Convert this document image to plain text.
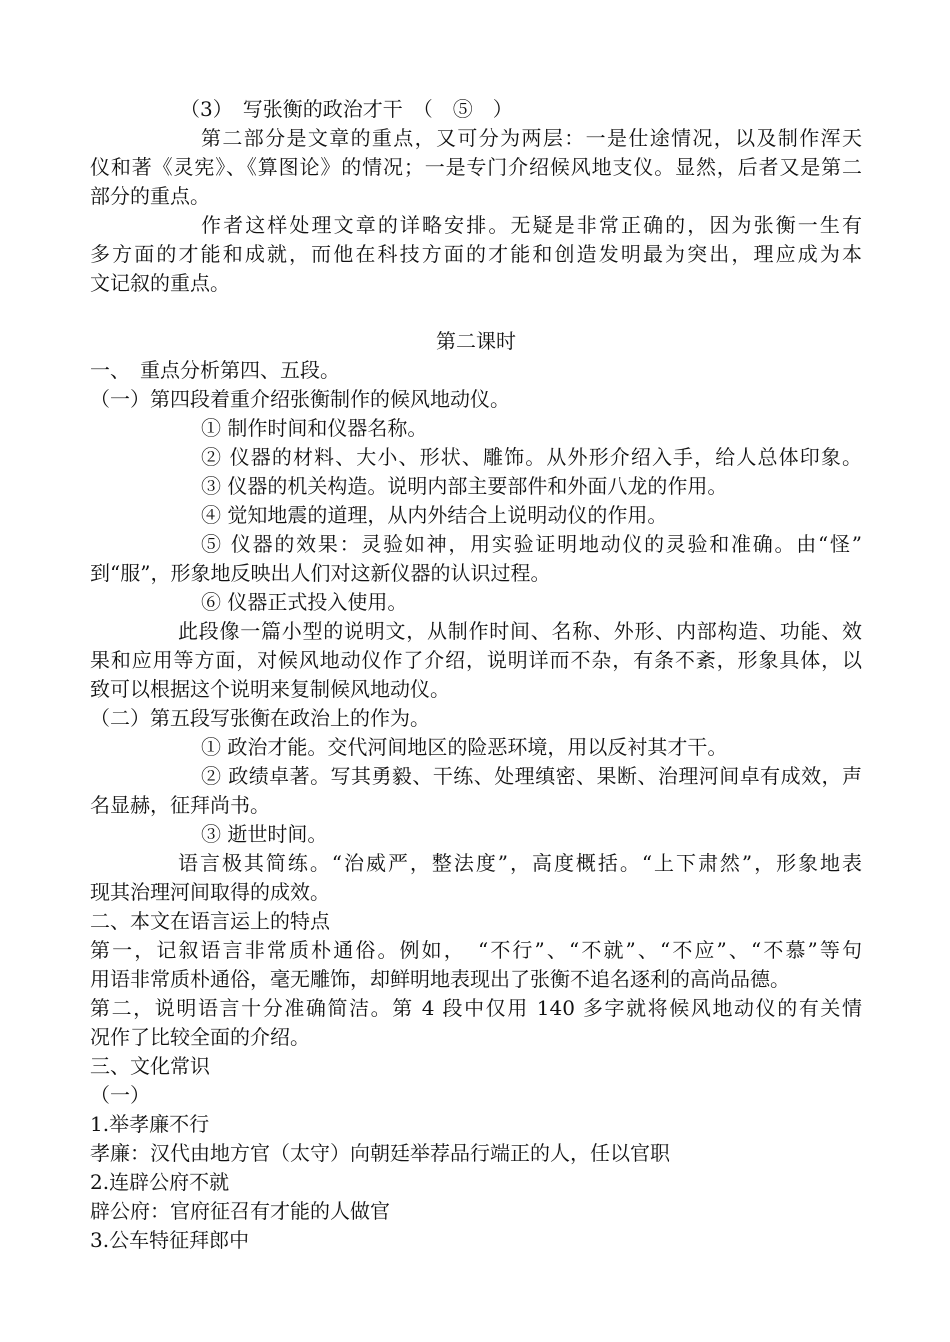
（3）　写张衡的政治才干　（　⑤　）
第二部分是文章的重点，又可分为两层：一是仕途情况，以及制作浑天
仪和著《灵宪》、《算图论》的情况；一是专门介绍候风地支仪。显然，后者又是第二
部分的重点。
作者这样处理文章的详略安排。无疑是非常正确的，因为张衡一生有
多方面的才能和成就，而他在科技方面的才能和创造发明最为突出，理应成为本
文记叙的重点。
第二课时
一、　重点分析第四、五段。
（一）第四段着重介绍张衡制作的候风地动仪。
① 制作时间和仪器名称。
② 仪器的材料、大小、形状、雕饰。从外形介绍入手，给人总体印象。
③ 仪器的机关构造。说明内部主要部件和外面八龙的作用。
④ 觉知地震的道理，从内外结合上说明动仪的作用。
⑤ 仪器的效果：灵验如神，用实验证明地动仪的灵验和准确。由“怪”
到“服”，形象地反映出人们对这新仪器的认识过程。
⑥ 仪器正式投入使用。
此段像一篇小型的说明文，从制作时间、名称、外形、内部构造、功能、效
果和应用等方面，对候风地动仪作了介绍，说明详而不杂，有条不紊，形象具体，以
致可以根据这个说明来复制候风地动仪。
（二）第五段写张衡在政治上的作为。
① 政治才能。交代河间地区的险恶环境，用以反衬其才干。
② 政绩卓著。写其勇毅、干练、处理缜密、果断、治理河间卓有成效，声
名显赫，征拜尚书。
③ 逝世时间。
语言极其简练。“治威严，整法度”，高度概括。“上下肃然”，形象地表
现其治理河间取得的成效。
二、本文在语言运上的特点
第一，记叙语言非常质朴通俗。例如，　“不行”、“不就”、“不应”、“不慕”等句
用语非常质朴通俗，毫无雕饰，却鲜明地表现出了张衡不追名逐利的高尚品德。
第二，说明语言十分准确简洁。第 4 段中仅用 140 多字就将候风地动仪的有关情
况作了比较全面的介绍。
三、文化常识
（一）
1.举孝廉不行
孝廉：汉代由地方官（太守）向朝廷举荐品行端正的人，任以官职
2.连辟公府不就
辟公府：官府征召有才能的人做官
3.公车特征拜郎中
